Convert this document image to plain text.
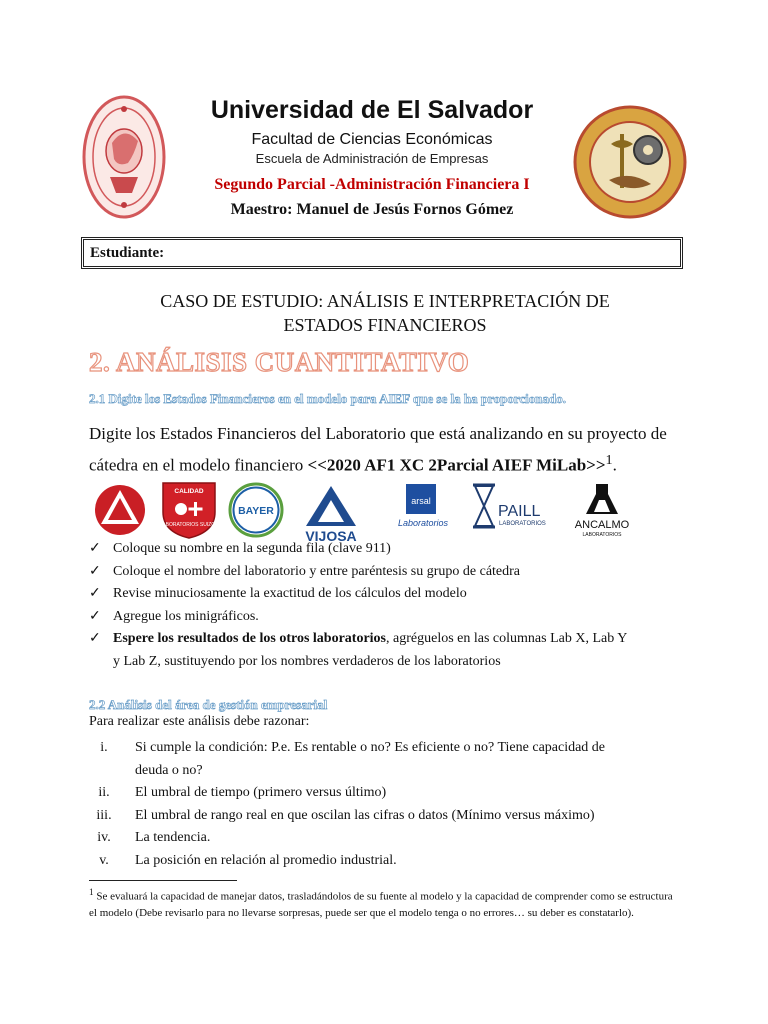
Universidad de El Salvador
Facultad de Ciencias Económicas
Escuela de Administración de Empresas
Segundo Parcial -Administración Financiera I
Maestro: Manuel de Jesús Fornos Gómez
Estudiante:
CASO DE ESTUDIO: ANÁLISIS E INTERPRETACIÓN DE
ESTADOS FINANCIEROS
2. ANÁLISIS CUANTITATIVO
2.1 Digite los Estados Financieros en el modelo para AIEF que se la ha proporcionado.
Digite los Estados Financieros del Laboratorio que está analizando en su proyecto de cátedra en el modelo financiero <<2020 AF1 XC 2Parcial AIEF MiLab>>$^1$.
CALIDAD
LABORATORIOS SUIZOS
BAYER
VIJOSA
arsal
Laboratorios
PAILL
LABORATORIOS	ANCALMO
LABORATORIOS
✓ Coloque su nombre en la segunda fila (clave 911)
✓ Coloque el nombre del laboratorio y entre paréntesis su grupo de cátedra
✓ Revise minuciosamente la exactitud de los cálculos del modelo
✓ Agregue los minigráficos.
✓ Espere los resultados de los otros laboratorios, agréguelos en las columnas Lab X, Lab Y
y Lab Z, sustituyendo por los nombres verdaderos de los laboratorios
2.2 Análisis del área de gestión empresarial
Para realizar este análisis debe razonar:
i.	Si cumple la condición: P.e. Es rentable o no? Es eficiente o no? Tiene capacidad de
deuda o no?
ii.	El umbral de tiempo (primero versus último)
iii.	El umbral de rango real en que oscilan las cifras o datos (Mínimo versus máximo)
iv.	La tendencia.
v.	La posición en relación al promedio industrial.
$^1$ Se evaluará la capacidad de manejar datos, trasladándolos de su fuente al modelo y la capacidad de comprender como se estructura el modelo (Debe revisarlo para no llevarse sorpresas, puede ser que el modelo tenga o no errores… su deber es constatarlo).
